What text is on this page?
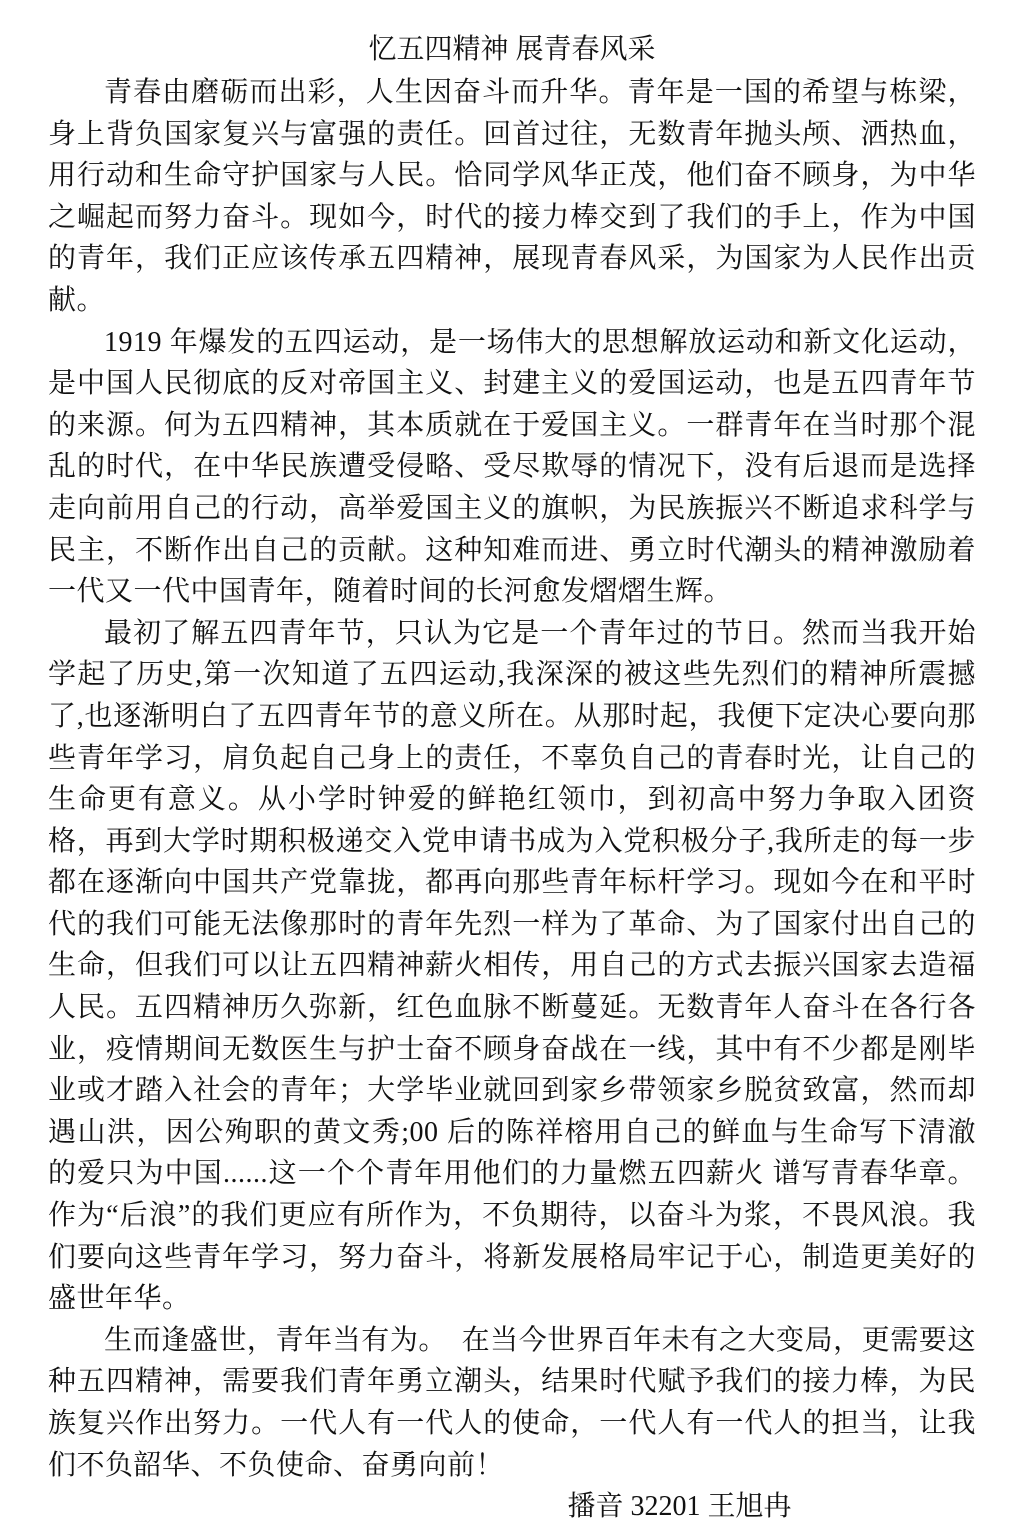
忆五四精神 展青春风采

青春由磨砺而出彩，人生因奋斗而升华。青年是一国的希望与栋梁，身上背负国家复兴与富强的责任。回首过往，无数青年抛头颅、洒热血，用行动和生命守护国家与人民。恰同学风华正茂，他们奋不顾身，为中华之崛起而努力奋斗。现如今，时代的接力棒交到了我们的手上，作为中国的青年，我们正应该传承五四精神，展现青春风采，为国家为人民作出贡献。

1919 年爆发的五四运动，是一场伟大的思想解放运动和新文化运动，是中国人民彻底的反对帝国主义、封建主义的爱国运动，也是五四青年节的来源。何为五四精神，其本质就在于爱国主义。一群青年在当时那个混乱的时代，在中华民族遭受侵略、受尽欺辱的情况下，没有后退而是选择走向前用自己的行动，高举爱国主义的旗帜，为民族振兴不断追求科学与民主，不断作出自己的贡献。这种知难而进、勇立时代潮头的精神激励着一代又一代中国青年，随着时间的长河愈发熠熠生辉。

最初了解五四青年节，只认为它是一个青年过的节日。然而当我开始学起了历史,第一次知道了五四运动,我深深的被这些先烈们的精神所震撼了,也逐渐明白了五四青年节的意义所在。从那时起，我便下定决心要向那些青年学习，肩负起自己身上的责任，不辜负自己的青春时光，让自己的生命更有意义。从小学时钟爱的鲜艳红领巾，到初高中努力争取入团资格，再到大学时期积极递交入党申请书成为入党积极分子,我所走的每一步都在逐渐向中国共产党靠拢，都再向那些青年标杆学习。现如今在和平时代的我们可能无法像那时的青年先烈一样为了革命、为了国家付出自己的生命，但我们可以让五四精神薪火相传，用自己的方式去振兴国家去造福人民。五四精神历久弥新，红色血脉不断蔓延。无数青年人奋斗在各行各业，疫情期间无数医生与护士奋不顾身奋战在一线，其中有不少都是刚毕业或才踏入社会的青年；大学毕业就回到家乡带领家乡脱贫致富，然而却遇山洪，因公殉职的黄文秀;00 后的陈祥榕用自己的鲜血与生命写下清澈的爱只为中国......这一个个青年用他们的力量燃五四薪火 谱写青春华章。作为“后浪”的我们更应有所作为，不负期待，以奋斗为浆，不畏风浪。我们要向这些青年学习，努力奋斗，将新发展格局牢记于心，制造更美好的盛世年华。

生而逢盛世，青年当有为。　在当今世界百年未有之大变局，更需要这种五四精神，需要我们青年勇立潮头，结果时代赋予我们的接力棒，为民族复兴作出努力。一代人有一代人的使命，一代人有一代人的担当，让我们不负韶华、不负使命、奋勇向前！

播音 32201 王旭冉
